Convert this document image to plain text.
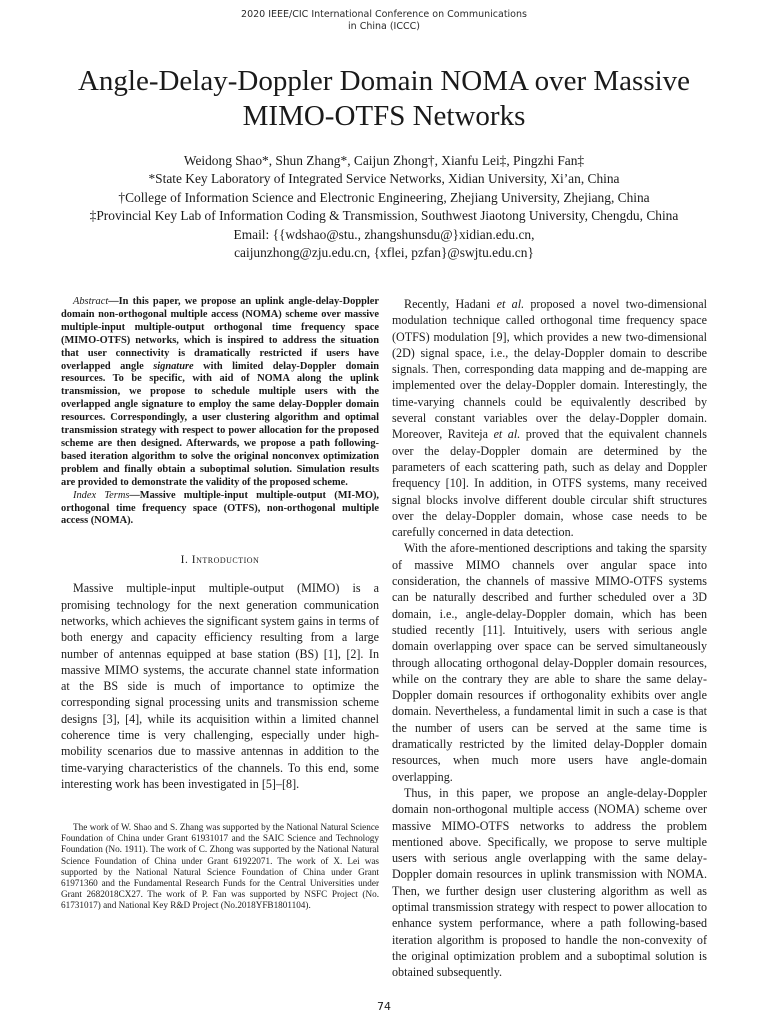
2020 IEEE/CIC International Conference on Communications
in China (ICCC)
Angle-Delay-Doppler Domain NOMA over Massive
MIMO-OTFS Networks
Weidong Shao*, Shun Zhang*, Caijun Zhong†, Xianfu Lei‡, Pingzhi Fan‡
*State Key Laboratory of Integrated Service Networks, Xidian University, Xi’an, China
†College of Information Science and Electronic Engineering, Zhejiang University, Zhejiang, China
‡Provincial Key Lab of Information Coding & Transmission, Southwest Jiaotong University, Chengdu, China
Email: {{wdshao@stu., zhangshunsdu@}xidian.edu.cn,
caijunzhong@zju.edu.cn, {xflei, pzfan}@swjtu.edu.cn}

Abstract—In this paper, we propose an uplink angle-delay-Doppler domain non-orthogonal multiple access (NOMA) scheme over massive multiple-input multiple-output orthogonal time frequency space (MIMO-OTFS) networks, which is inspired to address the situation that user connectivity is dramatically restricted if users have overlapped angle signature with limited delay-Doppler domain resources. To be specific, with aid of NOMA along the uplink transmission, we propose to schedule multiple users with the overlapped angle signature to employ the same delay-Doppler domain resources. Correspondingly, a user clustering algorithm and optimal transmission strategy with respect to power allocation for the proposed scheme are then designed. Afterwards, we propose a path following-based iteration algorithm to solve the original nonconvex optimization problem and finally obtain a suboptimal solution. Simulation results are provided to demonstrate the validity of the proposed scheme.

Index Terms—Massive multiple-input multiple-output (MI-MO), orthogonal time frequency space (OTFS), non-orthogonal multiple access (NOMA).

I. Introduction

Massive multiple-input multiple-output (MIMO) is a promising technology for the next generation communication networks, which achieves the significant system gains in terms of both energy and capacity efficiency resulting from a large number of antennas equipped at base station (BS) [1], [2]. In massive MIMO systems, the accurate channel state information at the BS side is much of importance to optimize the corresponding signal processing units and transmission scheme designs [3], [4], while its acquisition within a limited channel coherence time is very challenging, especially under high-mobility scenarios due to massive antennas in addition to the time-varying characteristics of the channels. To this end, some interesting work has been investigated in [5]–[8].

The work of W. Shao and S. Zhang was supported by the National Natural Science Foundation of China under Grant 61931017 and the SAIC Science and Technology Foundation (No. 1911). The work of C. Zhong was supported by the National Natural Science Foundation of China under Grant 61922071. The work of X. Lei was supported by the National Natural Science Foundation of China under Grant 61971360 and the Fundamental Research Funds for the Central Universities under Grant 2682018CX27. The work of P. Fan was supported by NSFC Project (No. 61731017) and National Key R&D Project (No.2018YFB1801104).

Recently, Hadani et al. proposed a novel two-dimensional modulation technique called orthogonal time frequency space (OTFS) modulation [9], which provides a new two-dimensional (2D) signal space, i.e., the delay-Doppler domain to describe signals. Then, corresponding data mapping and de-mapping are implemented over the delay-Doppler domain. Interestingly, the time-varying channels could be equivalently described by several constant variables over the delay-Doppler domain. Moreover, Raviteja et al. proved that the equivalent channels over the delay-Doppler domain are determined by the parameters of each scattering path, such as delay and Doppler frequency [10]. In addition, in OTFS systems, many received signal blocks involve different double circular shift structures over the delay-Doppler domain, whose case needs to be carefully concerned in data detection.

With the afore-mentioned descriptions and taking the sparsity of massive MIMO channels over angular space into consideration, the channels of massive MIMO-OTFS systems can be naturally described and further scheduled over a 3D domain, i.e., angle-delay-Doppler domain, which has been studied recently [11]. Intuitively, users with serious angle domain overlapping over space can be served simultaneously through allocating orthogonal delay-Doppler domain resources, while on the contrary they are able to share the same delay-Doppler domain resources if orthogonality exhibits over angle domain. Nevertheless, a fundamental limit in such a case is that the number of users can be served at the same time is dramatically restricted by the limited delay-Doppler domain resources, when much more users have angle-domain overlapping.

Thus, in this paper, we propose an angle-delay-Doppler domain non-orthogonal multiple access (NOMA) scheme over massive MIMO-OTFS networks to address the problem mentioned above. Specifically, we propose to serve multiple users with serious angle overlapping with the same delay-Doppler domain resources in uplink transmission with NOMA. Then, we further design user clustering algorithm as well as optimal transmission strategy with respect to power allocation to enhance system performance, where a path following-based iteration algorithm is proposed to handle the non-convexity of the original optimization problem and a suboptimal solution is obtained subsequently.

74
